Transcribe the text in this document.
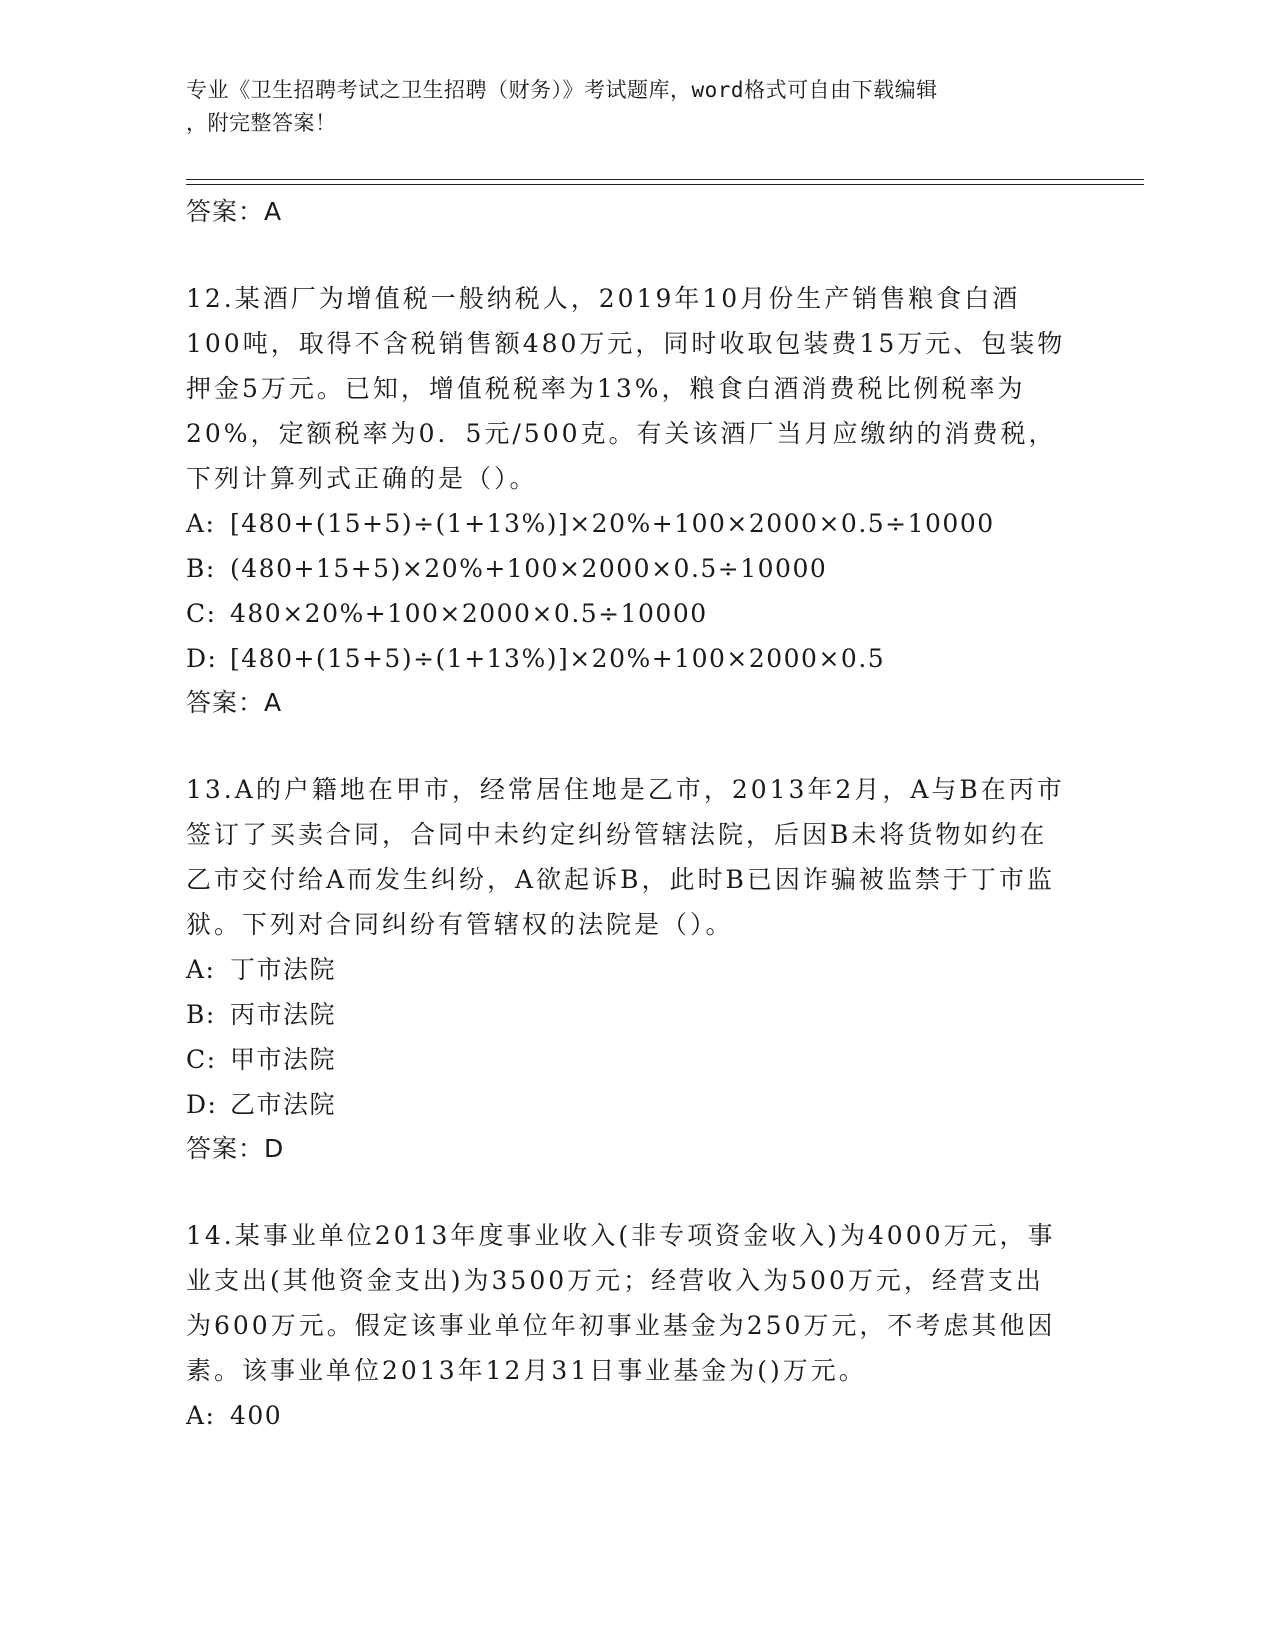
专业《卫生招聘考试之卫生招聘（财务）》考试题库，word格式可自由下载编辑
，附完整答案！
答案：A
12.某酒厂为增值税一般纳税人，2019年10月份生产销售粮食白酒100吨，取得不含税销售额480万元，同时收取包装费15万元、包装物押金5万元。已知，增值税税率为13%，粮食白酒消费税比例税率为20%，定额税率为0．5元/500克。有关该酒厂当月应缴纳的消费税，下列计算列式正确的是（）。
A: [480+(15+5)÷(1+13%)]×20%+100×2000×0.5÷10000
B: (480+15+5)×20%+100×2000×0.5÷10000
C: 480×20%+100×2000×0.5÷10000
D: [480+(15+5)÷(1+13%)]×20%+100×2000×0.5
答案：A
13.A的户籍地在甲市，经常居住地是乙市，2013年2月，A与B在丙市签订了买卖合同，合同中未约定纠纷管辖法院，后因B未将货物如约在乙市交付给A而发生纠纷，A欲起诉B，此时B已因诈骗被监禁于丁市监狱。下列对合同纠纷有管辖权的法院是（）。
A: 丁市法院
B: 丙市法院
C: 甲市法院
D: 乙市法院
答案：D
14.某事业单位2013年度事业收入(非专项资金收入)为4000万元，事业支出(其他资金支出)为3500万元；经营收入为500万元，经营支出为600万元。假定该事业单位年初事业基金为250万元，不考虑其他因素。该事业单位2013年12月31日事业基金为()万元。
A: 400
